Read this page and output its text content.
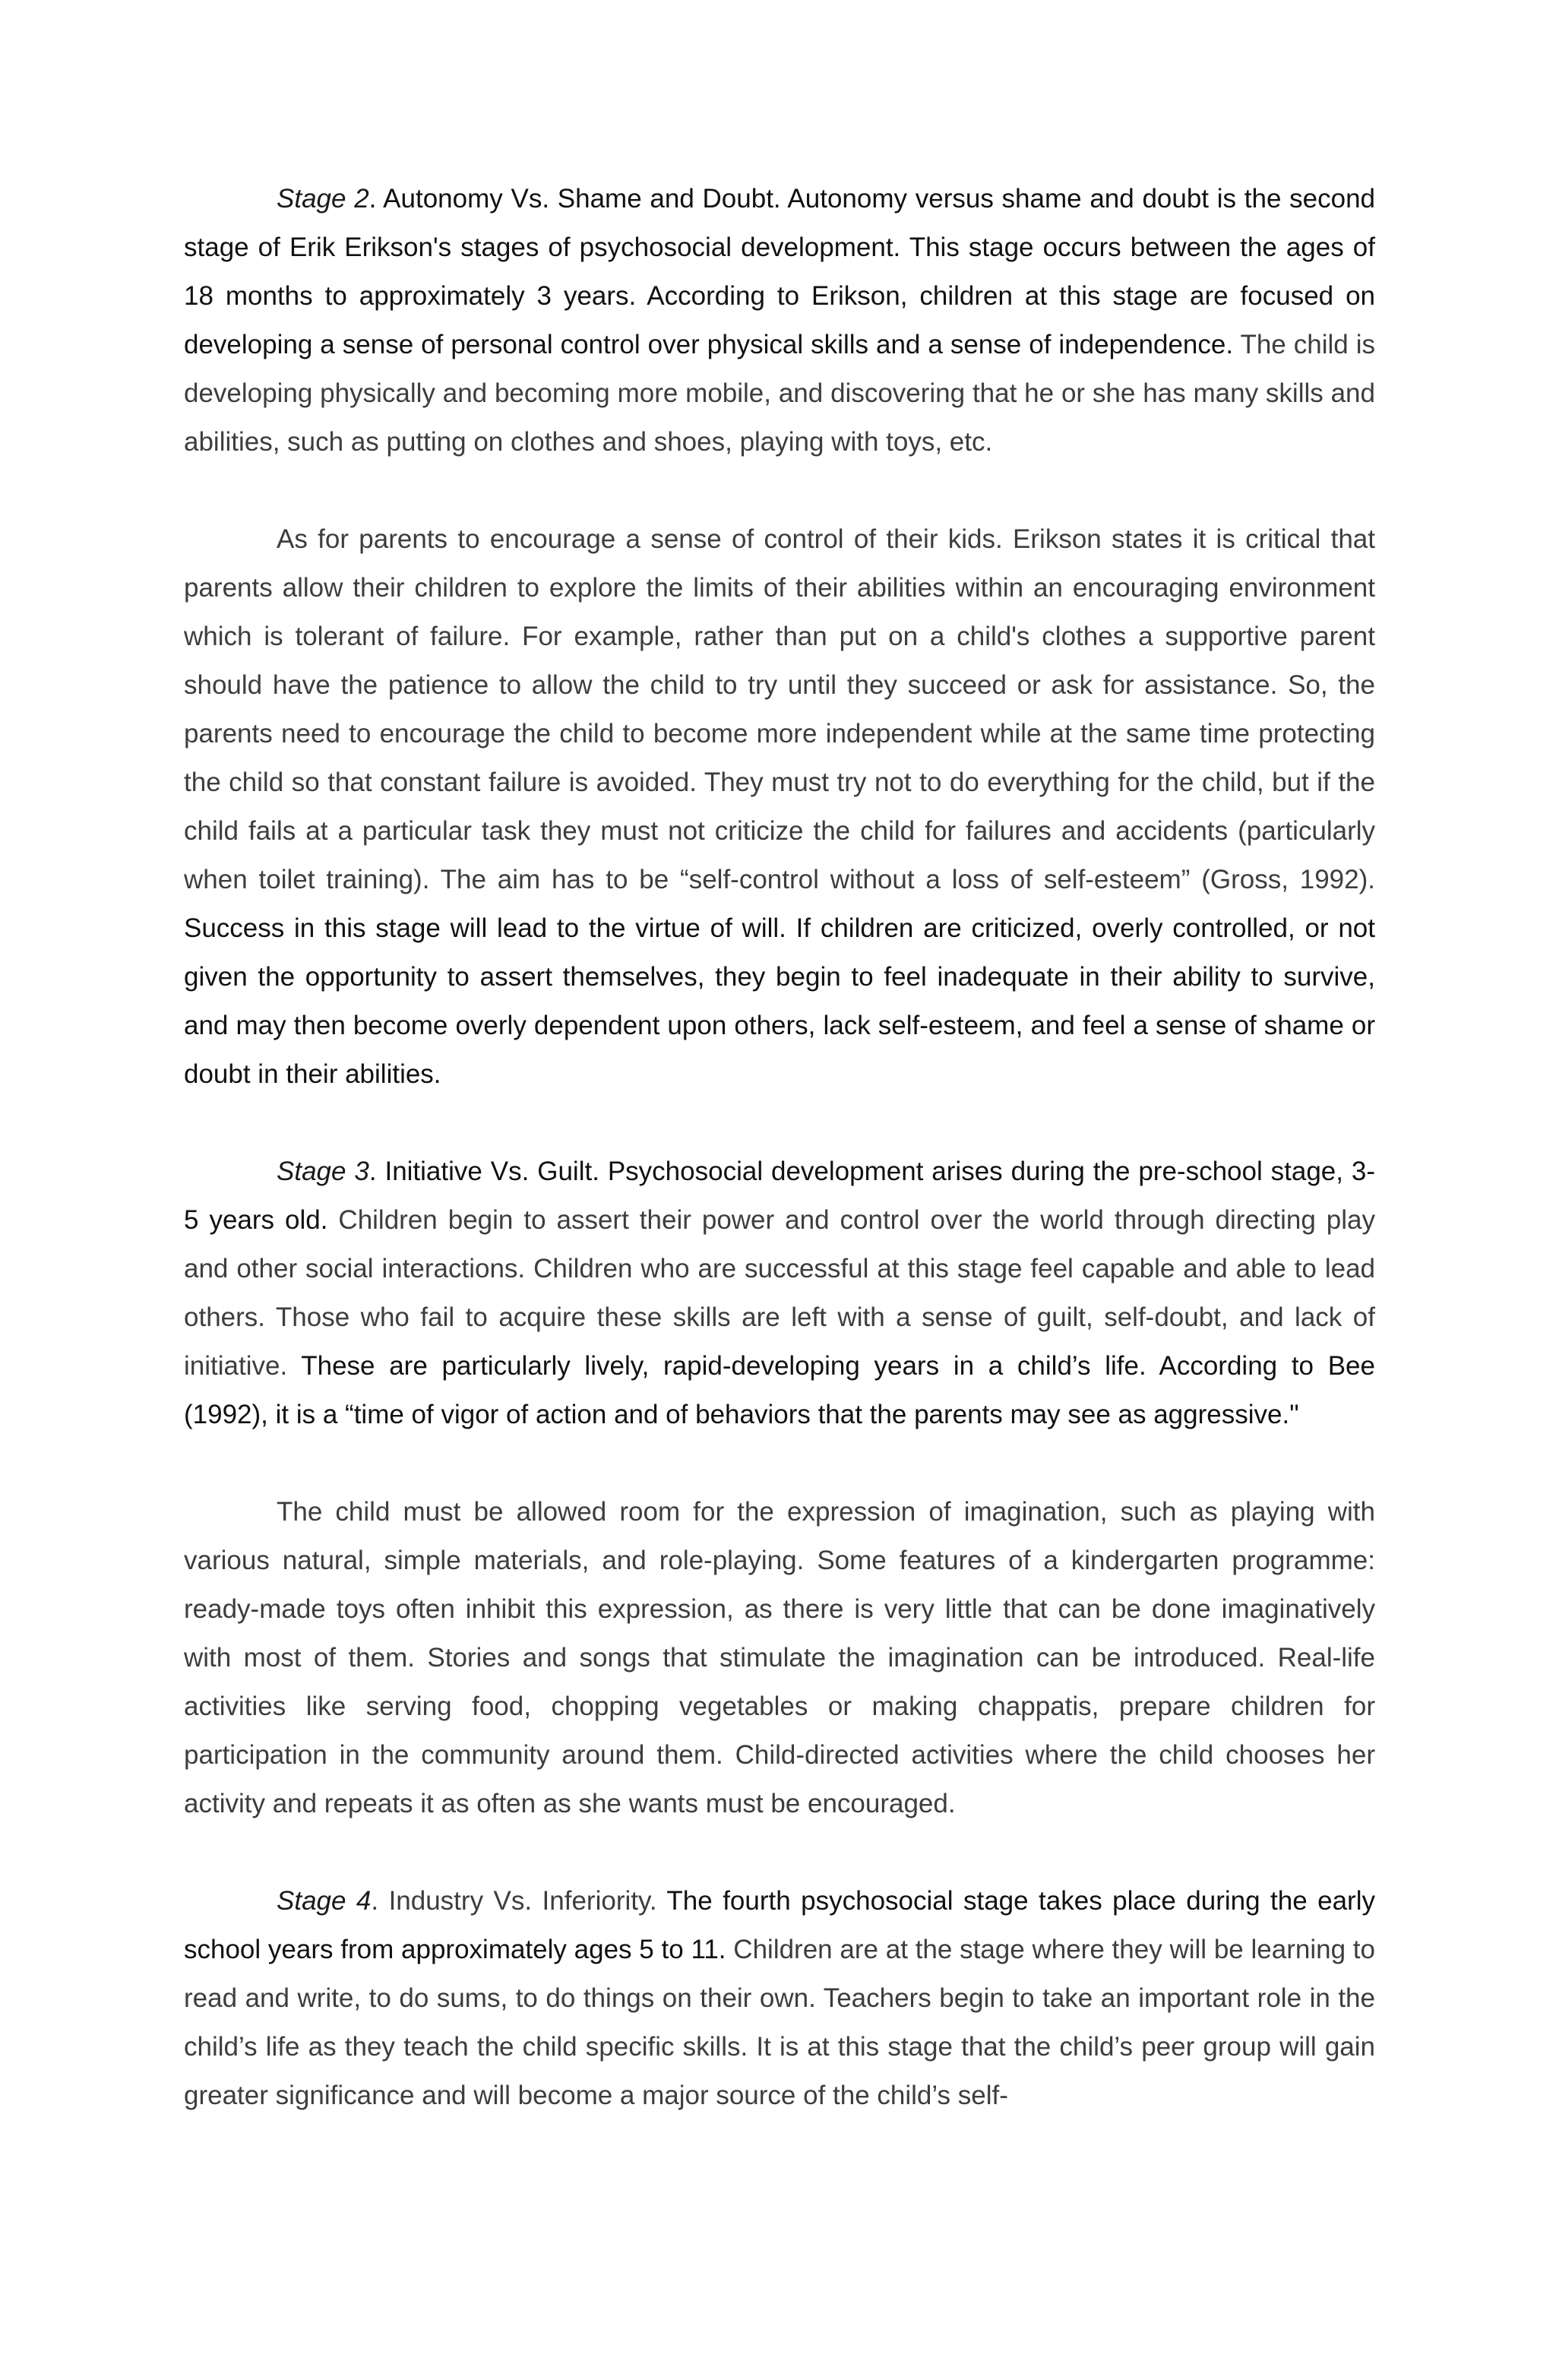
Stage 2. Autonomy Vs. Shame and Doubt. Autonomy versus shame and doubt is the second stage of Erik Erikson's stages of psychosocial development. This stage occurs between the ages of 18 months to approximately 3 years. According to Erikson, children at this stage are focused on developing a sense of personal control over physical skills and a sense of independence. The child is developing physically and becoming more mobile, and discovering that he or she has many skills and abilities, such as putting on clothes and shoes, playing with toys, etc.

As for parents to encourage a sense of control of their kids. Erikson states it is critical that parents allow their children to explore the limits of their abilities within an encouraging environment which is tolerant of failure. For example, rather than put on a child's clothes a supportive parent should have the patience to allow the child to try until they succeed or ask for assistance. So, the parents need to encourage the child to become more independent while at the same time protecting the child so that constant failure is avoided. They must try not to do everything for the child, but if the child fails at a particular task they must not criticize the child for failures and accidents (particularly when toilet training). The aim has to be “self-control without a loss of self-esteem” (Gross, 1992). Success in this stage will lead to the virtue of will. If children are criticized, overly controlled, or not given the opportunity to assert themselves, they begin to feel inadequate in their ability to survive, and may then become overly dependent upon others, lack self-esteem, and feel a sense of shame or doubt in their abilities.

Stage 3. Initiative Vs. Guilt. Psychosocial development arises during the pre-school stage, 3-5 years old. Children begin to assert their power and control over the world through directing play and other social interactions. Children who are successful at this stage feel capable and able to lead others. Those who fail to acquire these skills are left with a sense of guilt, self-doubt, and lack of initiative. These are particularly lively, rapid-developing years in a child’s life. According to Bee (1992), it is a “time of vigor of action and of behaviors that the parents may see as aggressive."

The child must be allowed room for the expression of imagination, such as playing with various natural, simple materials, and role-playing. Some features of a kindergarten programme: ready-made toys often inhibit this expression, as there is very little that can be done imaginatively with most of them. Stories and songs that stimulate the imagination can be introduced. Real-life activities like serving food, chopping vegetables or making chappatis, prepare children for participation in the community around them. Child-directed activities where the child chooses her activity and repeats it as often as she wants must be encouraged.

Stage 4. Industry Vs. Inferiority. The fourth psychosocial stage takes place during the early school years from approximately ages 5 to 11. Children are at the stage where they will be learning to read and write, to do sums, to do things on their own. Teachers begin to take an important role in the child’s life as they teach the child specific skills. It is at this stage that the child’s peer group will gain greater significance and will become a major source of the child’s self-
